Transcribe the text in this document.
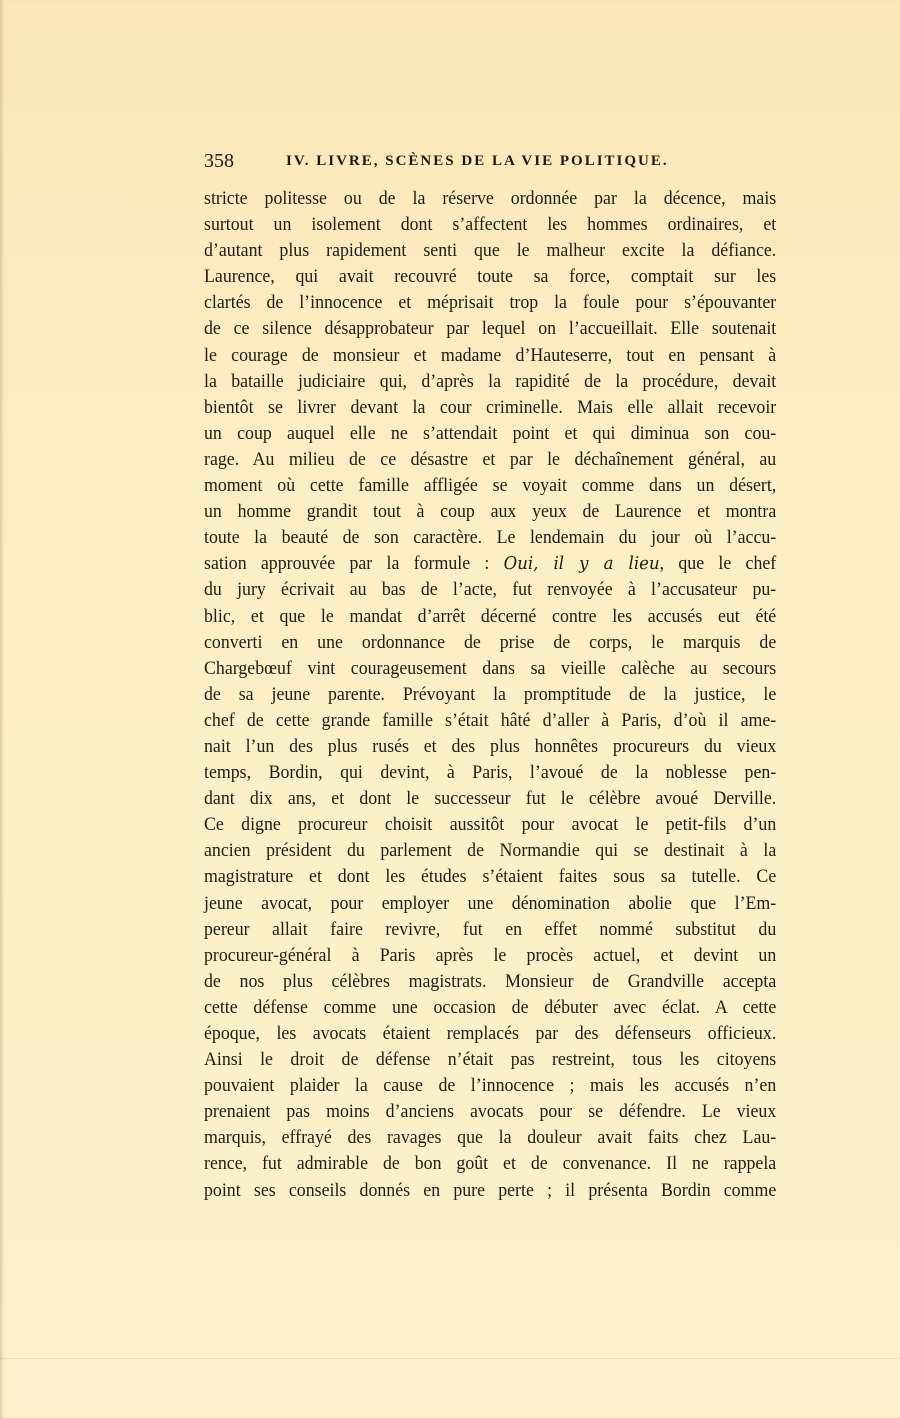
358	IV. LIVRE, SCÈNES DE LA VIE POLITIQUE.
stricte politesse ou de la réserve ordonnée par la décence, mais
surtout un isolement dont s’affectent les hommes ordinaires, et
d’autant plus rapidement senti que le malheur excite la défiance.
Laurence, qui avait recouvré toute sa force, comptait sur les
clartés de l’innocence et méprisait trop la foule pour s’épouvanter
de ce silence désapprobateur par lequel on l’accueillait. Elle soutenait
le courage de monsieur et madame d’Hauteserre, tout en pensant à
la bataille judiciaire qui, d’après la rapidité de la procédure, devait
bientôt se livrer devant la cour criminelle. Mais elle allait recevoir
un coup auquel elle ne s’attendait point et qui diminua son cou-
rage. Au milieu de ce désastre et par le déchaînement général, au
moment où cette famille affligée se voyait comme dans un désert,
un homme grandit tout à coup aux yeux de Laurence et montra
toute la beauté de son caractère. Le lendemain du jour où l’accu-
sation approuvée par la formule : Oui, il y a lieu, que le chef
du jury écrivait au bas de l’acte, fut renvoyée à l’accusateur pu-
blic, et que le mandat d’arrêt décerné contre les accusés eut été
converti en une ordonnance de prise de corps, le marquis de
Chargebœuf vint courageusement dans sa vieille calèche au secours
de sa jeune parente. Prévoyant la promptitude de la justice, le
chef de cette grande famille s’était hâté d’aller à Paris, d’où il ame-
nait l’un des plus rusés et des plus honnêtes procureurs du vieux
temps, Bordin, qui devint, à Paris, l’avoué de la noblesse pen-
dant dix ans, et dont le successeur fut le célèbre avoué Derville.
Ce digne procureur choisit aussitôt pour avocat le petit-fils d’un
ancien président du parlement de Normandie qui se destinait à la
magistrature et dont les études s’étaient faites sous sa tutelle. Ce
jeune avocat, pour employer une dénomination abolie que l’Em-
pereur allait faire revivre, fut en effet nommé substitut du
procureur-général à Paris après le procès actuel, et devint un
de nos plus célèbres magistrats. Monsieur de Grandville accepta
cette défense comme une occasion de débuter avec éclat. A cette
époque, les avocats étaient remplacés par des défenseurs officieux.
Ainsi le droit de défense n’était pas restreint, tous les citoyens
pouvaient plaider la cause de l’innocence ; mais les accusés n’en
prenaient pas moins d’anciens avocats pour se défendre. Le vieux
marquis, effrayé des ravages que la douleur avait faits chez Lau-
rence, fut admirable de bon goût et de convenance. Il ne rappela
point ses conseils donnés en pure perte ; il présenta Bordin comme
